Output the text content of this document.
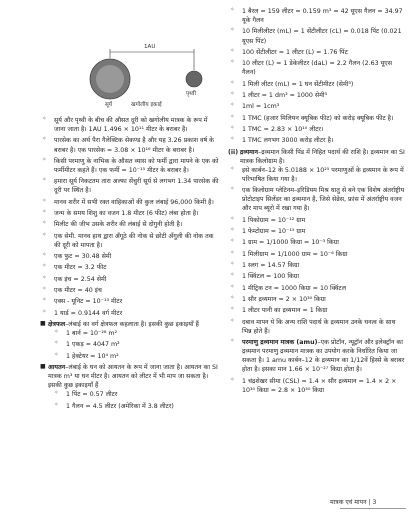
1AU
पृथ्वी
सूर्य	खगोलीय इकाई
✧ सूर्य और पृथ्वी के बीच की औसत दूरी को खगोलीय मात्रक के रूप में जाना जाता है। 1AU 1.496 × 10¹¹ मीटर के बराबर है।
✧ पारसेक का अर्थ पैरा गैलेक्टिक सेकण्ड है और यह 3.26 प्रकाश वर्ष के बराबर है। एक पारसेक = 3.08 × 10¹⁶ मीटर के बराबर है।
✧ किसी परमाणु के नाभिक के औसत व्यास को फर्मी द्वारा मापने के एक को फर्मीमीटर कहते हैं। एक फर्मी = 10⁻¹⁵ मीटर के बराबर है।
✧ हमारा सूर्य निकटतम तारा अल्फा सेंचुरी सूर्य से लगभग 1.34 पारसेक की दूरी पर स्थित है।
✧ मानव शरीर में सभी रक्त वाहिकाओं की कुल लंबाई 96,000 किमी है।
✧ जन्म के समय शिशु का वजन 1.8 मीटर (6 फीट) लंबा होता है।
✧ मिलीट की जीभ उसके शरीर की लंबाई से दोगुनी होती है।
✧ एक सेमी. मानव हाथ द्वारा अँगूठे की नोक से छोटी अँगुली की नोक तक की दूरी को मापता है।
✧ एक फुट = 30.48 सेमी
✧ एक मीटर = 3.2 फीट
✧ एक इंच = 2.54 सेमी
✧ एक मीटर = 40 इंच
✧ एक्स - यूनिट = 10⁻¹³ मीटर
✧ 1 यार्ड = 0.9144 वर्ग मीटर
■ क्षेत्रफल–लंबाई का वर्ग क्षेत्रफल कहलाता है। इसकी कुछ इकाइयाँ हैं
✧ 1 बार्न = 10⁻²⁸ m²
✧ 1 एकड़ = 4047 m²
✧ 1 हेक्टेयर = 10⁴ m²
■ आयतन–लंबाई के घन को आयतन के रूप में जाना जाता है। आयतन का SI मात्रक m³ या घन मीटर है। आयतन को लीटर में भी माप जा सकता है। इसकी कुछ इकाइयाँ हैं
✧ 1 पिंट = 0.57 लीटर
✧ 1 गैलन = 4.5 लीटर (अमेरिका में 3.8 लीटर)
✧ 1 बैरल = 159 लीटर = 0.159 m³ = 42 यूएस गैलन = 34.97 यूके गैलन
✧ 10 मिलीलीटर (mL) = 1 सेंटीलीटर (cL) = 0.018 पिंट (0.021 यूएस पिंट)
✧ 100 सेंटीलीटर = 1 लीटर (L) = 1.76 पिंट
✧ 10 लीटर (L) = 1 डेकेलीटर (daL) = 2.2 गैलन (2.63 यूएस गैलन)
✧ 1 मिली लीटर (mL) = 1 घन सेंटीमीटर (सेमी³)
✧ 1 लीटर = 1 dm³ = 1000 सेमी³
✧ 1ml = 1cm³
✧ 1 TMC (हजार मिलियन क्यूबिक फीट) को करोड़ क्यूबिक फीट है।
✧ 1 TMC = 2.83 × 10¹⁰ लीटर।
✧ 1 TMC लगभग 3000 करोड़ लीटर है।
(ii) द्रव्यमान–द्रव्यमान किसी पिंड में निहित पदार्थ की राशि है। द्रव्यमान का SI मात्रक किलोग्राम है।
✧ इसे कार्बन–12 के 5.0188 × 10²⁵ परमाणुओं के द्रव्यमान के रूप में परिभाषित किया गया है।
✧ एक किलोग्राम प्लेटिनम–इरिडियम मिश्र धातु से बने एक विशेष अंतर्राष्ट्रीय प्रोटोटाइप सिलेंडर का द्रव्यमान है, जिसे सेव्रेस, फ्रांस में अंतर्राष्ट्रीय वजन और माप ब्यूरो में रखा गया है।
✧ 1 पिकोग्राम = 10⁻¹² ग्राम
✧ 1 फेम्टोग्राम = 10⁻¹⁵ ग्राम
✧ 1 ग्राम = 1/1000 किग्रा = 10⁻³ किग्रा
✧ 1 मिलीग्राम = 1/1000 ग्राम = 10⁻⁶ किग्रा
✧ 1 स्लग = 14.57 किग्रा
✧ 1 क्विंटल = 100 किग्रा
✧ 1 मीट्रिक टन = 1000 किग्रा = 10 क्विंटल
✧ 1 सौर द्रव्यमान = 2 × 10³⁰ किग्रा
✧ 1 लीटर पानी का द्रव्यमान = 1 किग्रा
✧ दबाव मापन ये कि अन्य राशि पदार्थ के द्रव्यमान उनके घनत्व के साथ भिन्न होते हैं।
✧ परमाणु द्रव्यमान मात्रक (amu)–एक प्रोटॉन, न्यूट्रॉन और इलेक्ट्रॉन का द्रव्यमान परमाणु द्रव्यमान मात्रक का उपयोग करके निर्धारित किया जा सकता है। 1 amu कार्बन–12 के द्रव्यमान का 1/12वें हिस्से के बराबर होता है। इसका मान 1.66 × 10⁻²⁷ किग्रा होता है।
✧ 1 चंद्रशेखर सीमा (CSL) = 1.4 × सौर द्रव्यमान = 1.4 × 2 × 10³⁰ किग्रा = 2.8 × 10³⁰ किग्रा
मात्रक एवं मापन | 3
